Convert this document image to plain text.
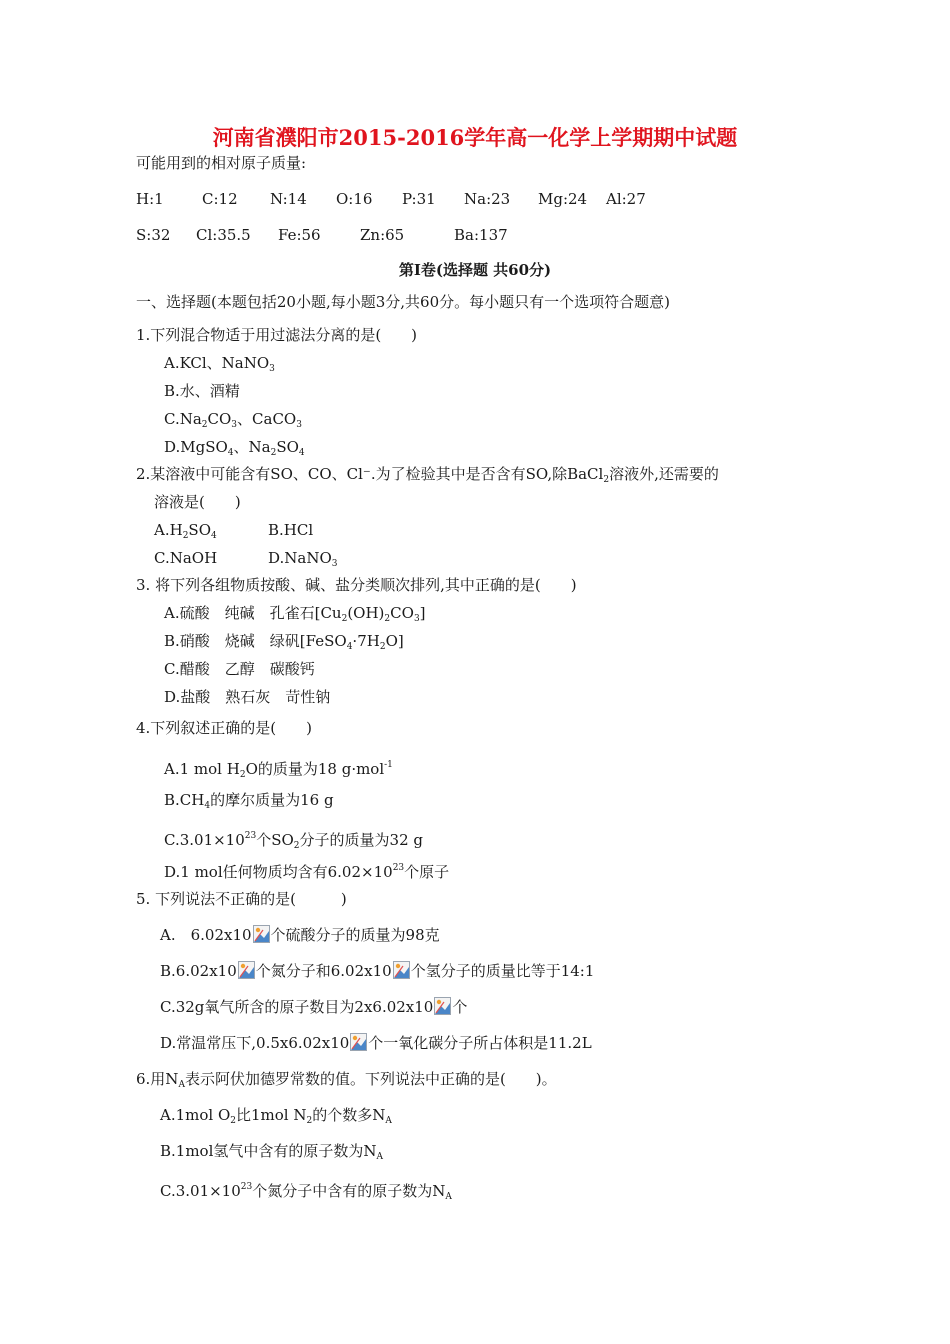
河南省濮阳市2015-2016学年高一化学上学期期中试题
可能用到的相对原子质量:
H:1	C:12 N:14 O:16 P:31 Na:23 Mg:24 Al:27
S:32 Cl:35.5 Fe:56	Zn:65	Ba:137
第Ⅰ卷(选择题 共60分)
一、选择题(本题包括20小题,每小题3分,共60分。每小题只有一个选项符合题意)
1.下列混合物适于用过滤法分离的是(　　)
A.KCl、NaNO$_3$
B.水、酒精
$C.Na_2CO_3$、CaCO$_3$
D.MgSO$_4$、$Na_2SO_4$
2.某溶液中可能含有SO、CO、Cl⁻.为了检验其中是否含有SO,除BaCl$_2$溶液外,还需要的
溶液是(　　)
$A.H_2SO_4$	B.HCl
C.NaOH	D.NaNO$_3$
3. 将下列各组物质按酸、碱、盐分类顺次排列,其中正确的是(　　)
A.硫酸　纯碱　孔雀石$[Cu_2(OH)_2CO_3]$
B.硝酸　烧碱　绿矾$[FeSO_4\cdot 7H_2O]$
C.醋酸　乙醇　碳酸钙
D.盐酸　熟石灰　苛性钠
4.下列叙述正确的是(　　)
A.1 mol $H_2O$的质量为18 g·mol$^{-1}$
$B.CH_4$的摩尔质量为16 g
$C.3.01\times 10^{23}$个$SO_2$分子的质量为32 g
D.1 mol任何物质均含有$6.02\times 10^{23}$个原子
5. 下列说法不正确的是(　　　)
A.　6.02x10 个硫酸分子的质量为98克
B.6.02x10 个氮分子和6.02x10 个氢分子的质量比等于14:1
C.32g氧气所含的原子数目为2x6.02x10 个
D.常温常压下,0.5x6.02x10 个一氧化碳分子所占体积是11.2L
6.用$N_A$表示阿伏加德罗常数的值。下列说法中正确的是(　　)。
A.1mol $O_2$比1mol $N_2$的个数多$N_A$
B.1mol氢气中含有的原子数为$N_A$
$C.3.01\times 10^{23}$个氮分子中含有的原子数为$N_A$
